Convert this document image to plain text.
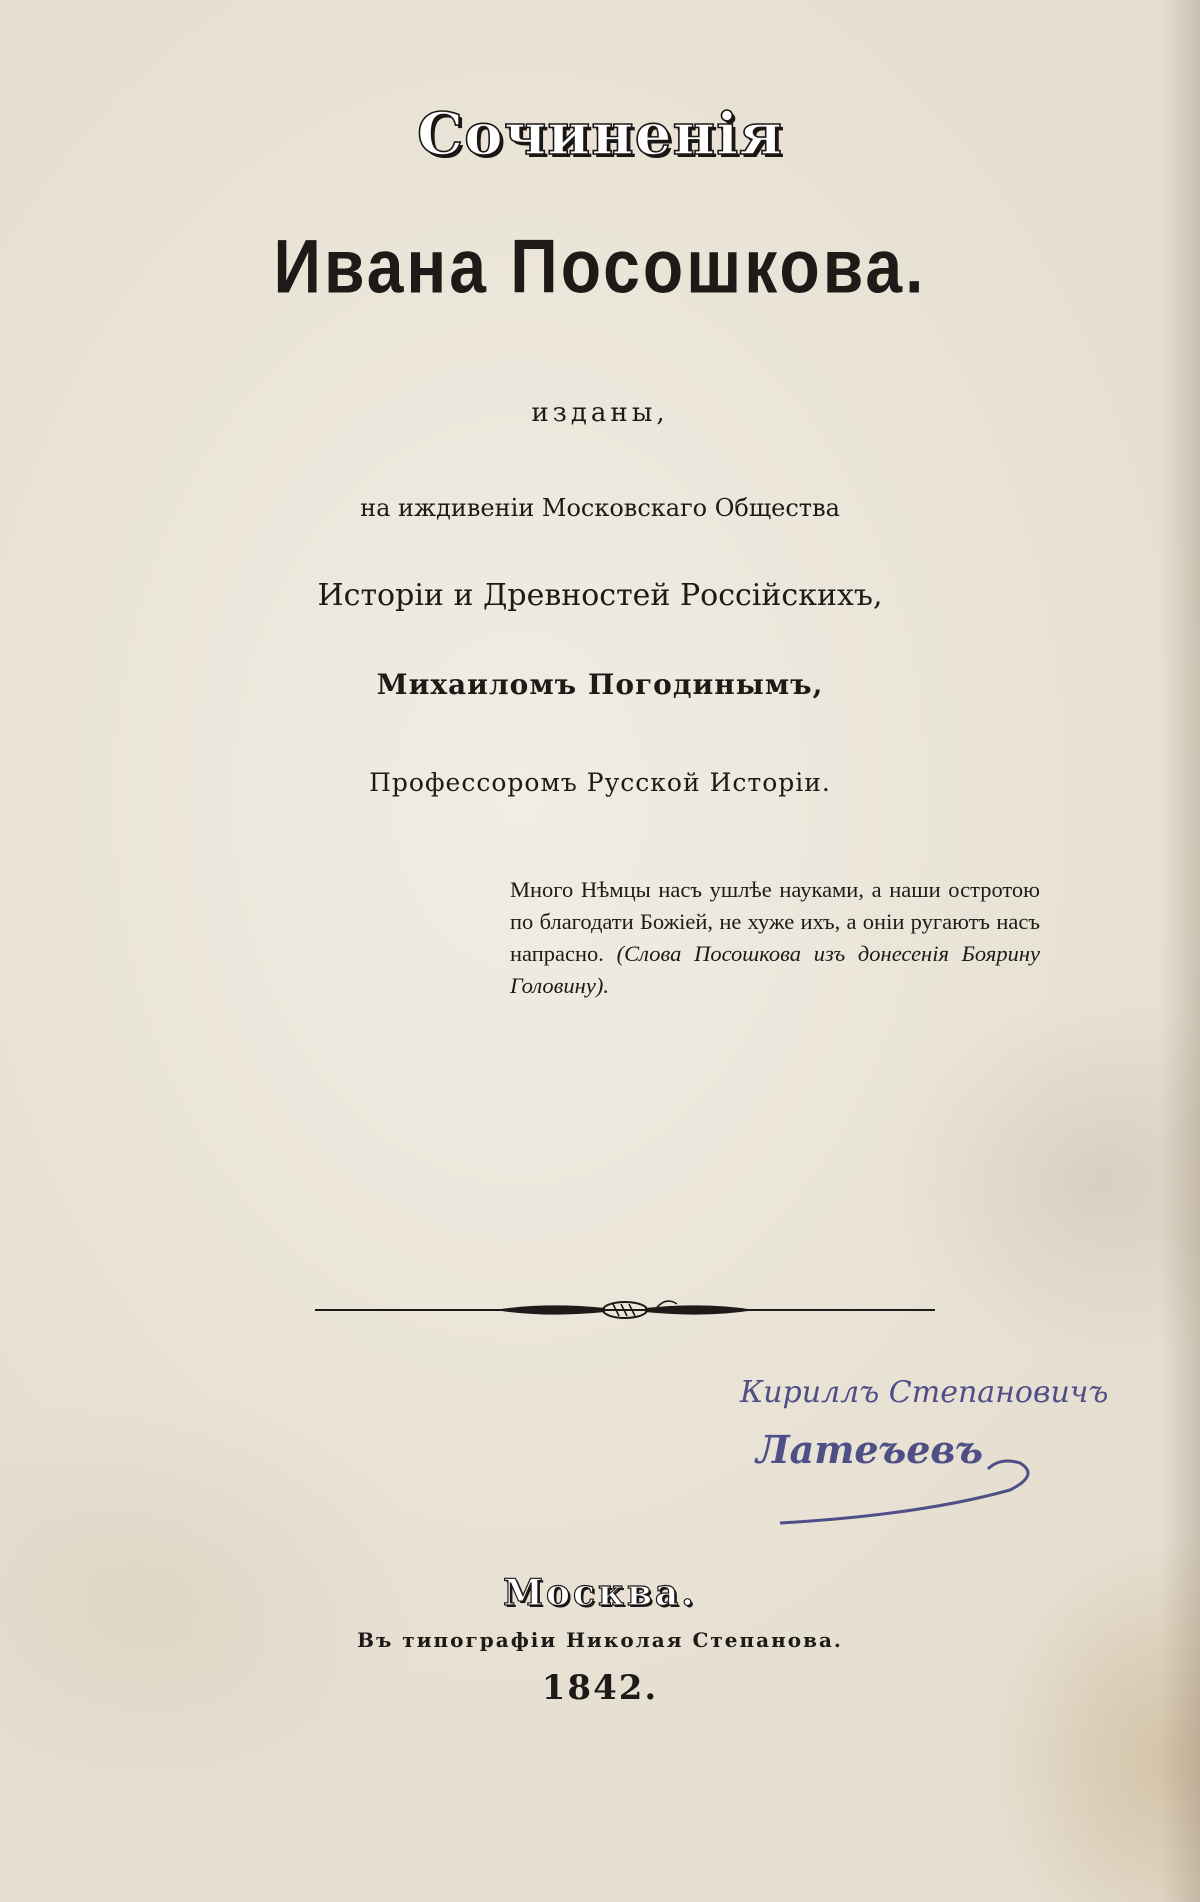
Сочиненія
Ивана Посошкова.
изданы,
на иждивеніи Московскаго Общества
Исторіи и Древностей Россійскихъ,
Михаиломъ Погодинымъ,
Профессоромъ Русской Исторіи.
Много Нѣмцы насъ ушлѣе науками, а наши остротою по благодати Божіей, не хуже ихъ, а оніи ругаютъ насъ напрасно. (Слова Посошкова изъ донесенія Боярину Головину).
Кириллъ Степановичъ
Латеъевъ
Москва.
Въ типографіи Николая Степанова.
1842.
